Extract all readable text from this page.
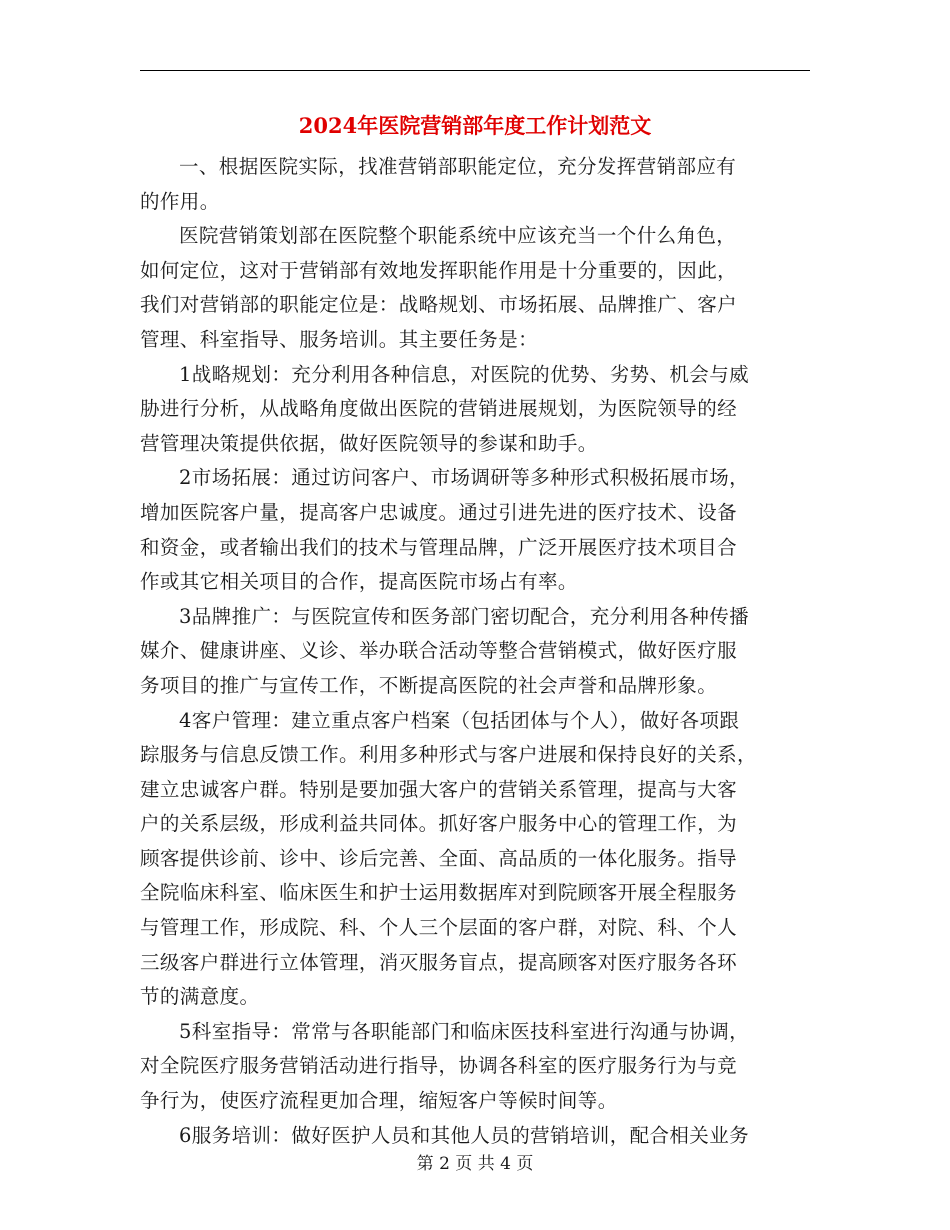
2024年医院营销部年度工作计划范文

一、根据医院实际，找准营销部职能定位，充分发挥营销部应有
的作用。

医院营销策划部在医院整个职能系统中应该充当一个什么角色，
如何定位，这对于营销部有效地发挥职能作用是十分重要的，因此，
我们对营销部的职能定位是：战略规划、市场拓展、品牌推广、客户
管理、科室指导、服务培训。其主要任务是：

1战略规划：充分利用各种信息，对医院的优势、劣势、机会与威
胁进行分析，从战略角度做出医院的营销进展规划，为医院领导的经
营管理决策提供依据，做好医院领导的参谋和助手。

2市场拓展：通过访问客户、市场调研等多种形式积极拓展市场，
增加医院客户量，提高客户忠诚度。通过引进先进的医疗技术、设备
和资金，或者输出我们的技术与管理品牌，广泛开展医疗技术项目合
作或其它相关项目的合作，提高医院市场占有率。

3品牌推广：与医院宣传和医务部门密切配合，充分利用各种传播
媒介、健康讲座、义诊、举办联合活动等整合营销模式，做好医疗服
务项目的推广与宣传工作，不断提高医院的社会声誉和品牌形象。

4客户管理：建立重点客户档案（包括团体与个人），做好各项跟
踪服务与信息反馈工作。利用多种形式与客户进展和保持良好的关系，
建立忠诚客户群。特别是要加强大客户的营销关系管理，提高与大客
户的关系层级，形成利益共同体。抓好客户服务中心的管理工作，为
顾客提供诊前、诊中、诊后完善、全面、高品质的一体化服务。指导
全院临床科室、临床医生和护士运用数据库对到院顾客开展全程服务
与管理工作，形成院、科、个人三个层面的客户群，对院、科、个人
三级客户群进行立体管理，消灭服务盲点，提高顾客对医疗服务各环
节的满意度。

5科室指导：常常与各职能部门和临床医技科室进行沟通与协调，
对全院医疗服务营销活动进行指导，协调各科室的医疗服务行为与竞
争行为，使医疗流程更加合理，缩短客户等候时间等。

6服务培训：做好医护人员和其他人员的营销培训，配合相关业务

第 2 页 共 4 页
